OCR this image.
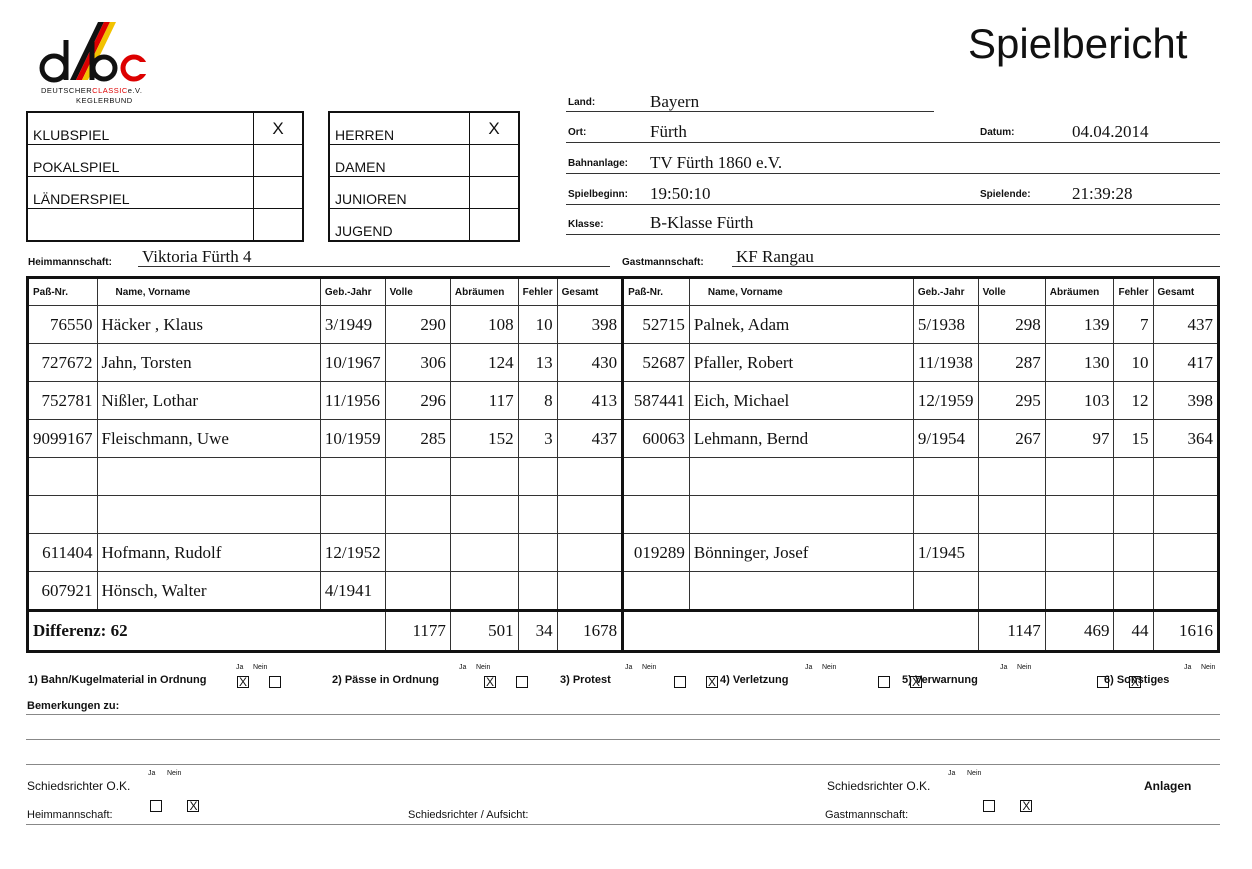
DEUTSCHERCLASSICe.V.
KEGLERBUND
Spielbericht
KLUBSPIEL	X
POKALSPIEL	
LÄNDERSPIEL	

HERREN	X
DAMEN	
JUNIOREN	
JUGEND	
Land:	Bayern
Ort:	Fürth	Datum:	04.04.2014
Bahnanlage: TV Fürth 1860 e.V.
Spielbeginn: 19:50:10	Spielende: 21:39:28
Klasse:	B-Klasse Fürth
Heimmannschaft: Viktoria Fürth 4	Gastmannschaft: KF Rangau
Paß-Nr.	Name, Vorname	Geb.-Jahr	Volle	Abräumen	Fehler	Gesamt	Paß-Nr.	Name, Vorname	Geb.-Jahr	Volle	Abräumen	Fehler	Gesamt
76550	Häcker , Klaus	3/1949	290	108	10	398	52715	Palnek, Adam	5/1938	298	139	7	437
727672	Jahn, Torsten	10/1967	306	124	13	430	52687	Pfaller, Robert	11/1938	287	130	10	417
752781	Nißler, Lothar	11/1956	296	117	8	413	587441	Eich, Michael	12/1959	295	103	12	398
9099167	Fleischmann, Uwe	10/1959	285	152	3	437	60063	Lehmann, Bernd	9/1954	267	97	15	364

611404	Hofmann, Rudolf	12/1952					019289	Bönninger, Josef	1/1945				
607921	Hönsch, Walter	4/1941											
Differenz: 62			1177	501	34	1678				1147	469	44	1616
1) Bahn/Kugelmaterial in Ordnung	2) Pässe in Ordnung	3) Protest	4) Verletzung	5) Verwarnung	6) Sonstiges
Ja Nein
X	Ja Nein
X	Ja Nein
X	Ja Nein
X	Ja Nein
X	Ja Nein
Bemerkungen zu:
Schiedsrichter O.K.
Ja Nein
X
Schiedsrichter O.K.
Ja Nein
X
Anlagen
Heimmannschaft:	Schiedsrichter / Aufsicht:	Gastmannschaft:
